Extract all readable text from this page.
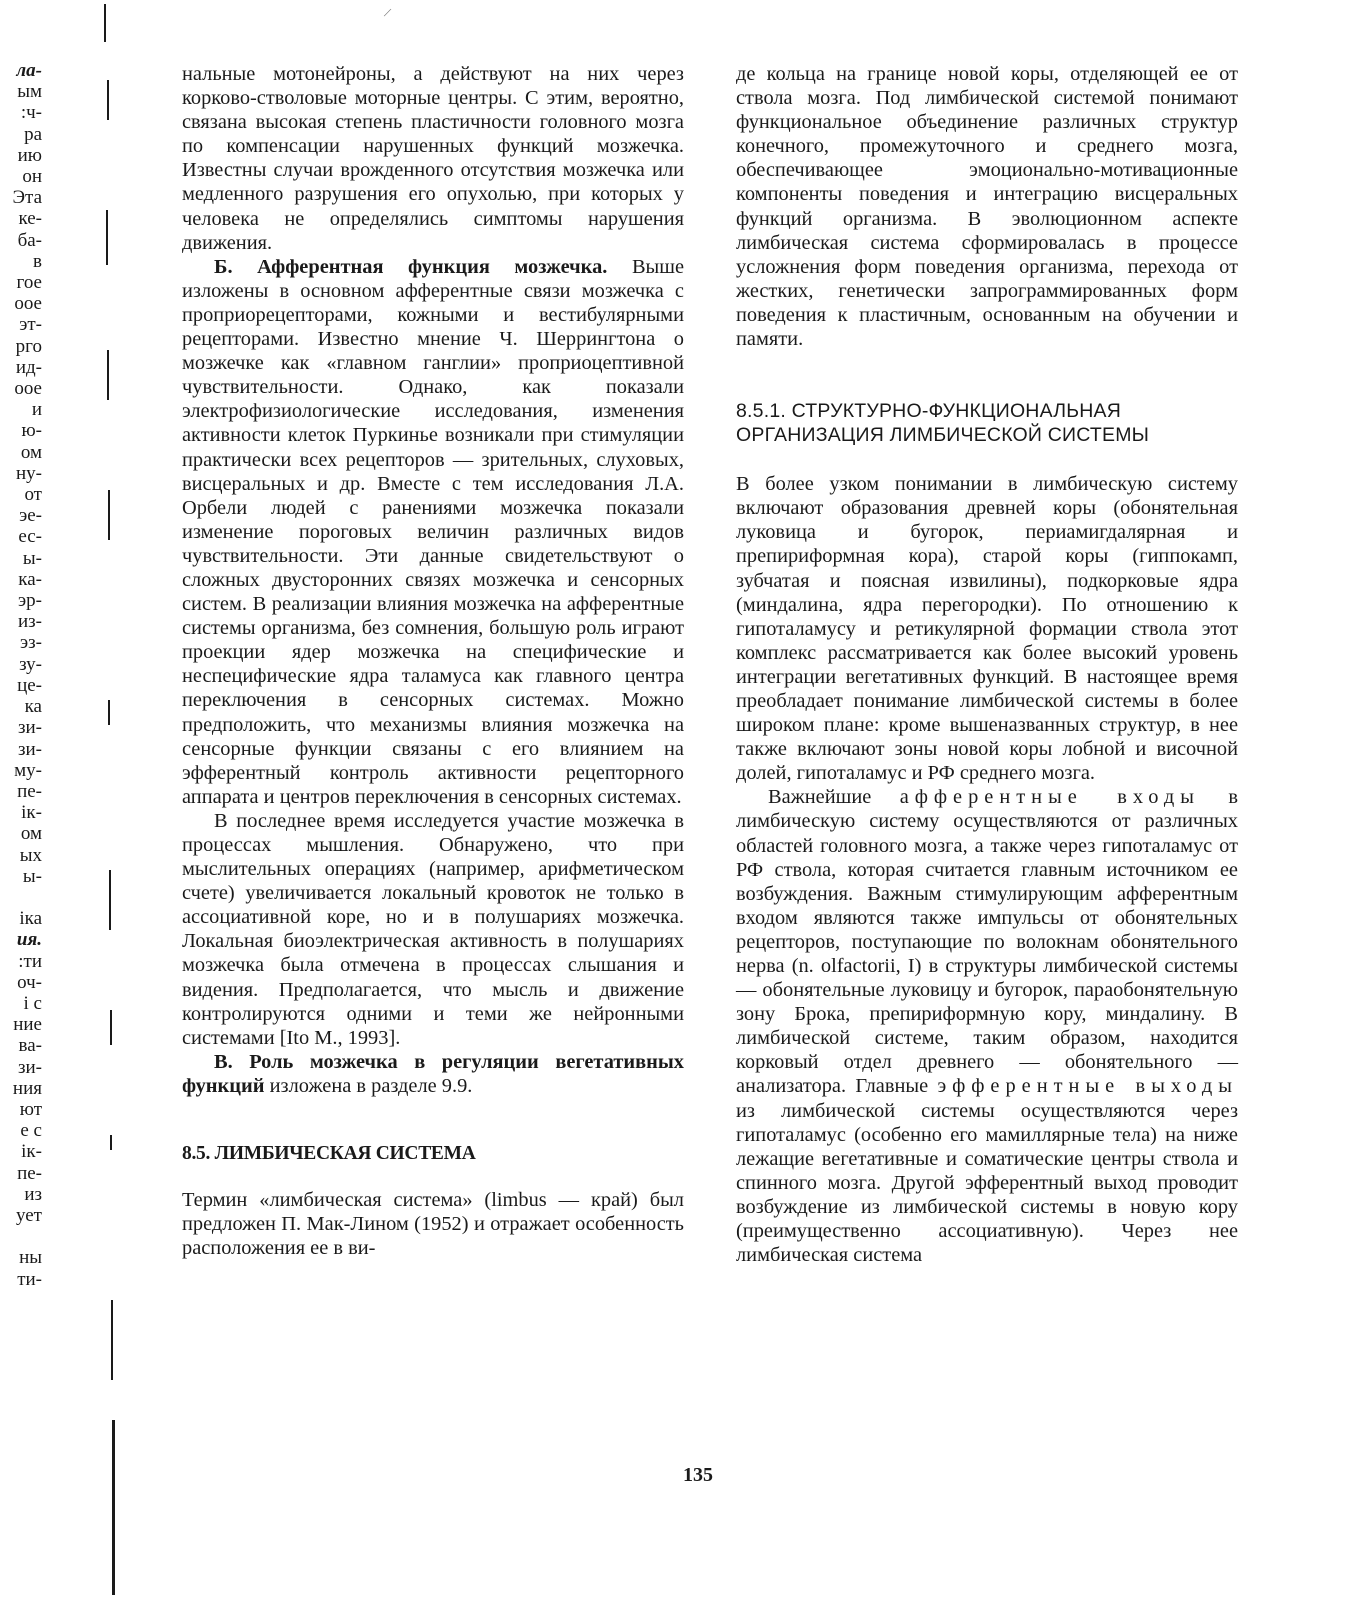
/
ла-
ым
:ч-
ра
ию
он
Эта
ке-
ба-
в
гое
оое
эт-
рго
ид-
оое
и
ю-
ом
ну-
от
эе-
ес-
ы-
ка-
эр-
из-
эз-
зу-
це-
ка
зи-
зи-
му-
пе-
ік-
ом
ых
ы-

іка
ия.
:ти
оч-
і с
ние
ва-
зи-
ния
ют
е с
ік-
пе-
из
ует

ны
ти-

нальные мотонейроны, а действуют на них через корково-стволовые моторные центры. С этим, вероятно, связана высокая степень пластичности головного мозга по компенсации нарушенных функций мозжечка. Известны случаи врожденного отсутствия мозжечка или медленного разрушения его опухолью, при которых у человека не определялись симптомы нарушения движения.

Б. Афферентная функция мозжечка. Выше изложены в основном афферентные связи мозжечка с проприорецепторами, кожными и вестибулярными рецепторами. Известно мнение Ч. Шеррингтона о мозжечке как «главном ганглии» проприоцептивной чувствительности. Однако, как показали электрофизиологические исследования, изменения активности клеток Пуркинье возникали при стимуляции практически всех рецепторов — зрительных, слуховых, висцеральных и др. Вместе с тем исследования Л.А. Орбели людей с ранениями мозжечка показали изменение пороговых величин различных видов чувствительности. Эти данные свидетельствуют о сложных двусторонних связях мозжечка и сенсорных систем. В реализации влияния мозжечка на афферентные системы организма, без сомнения, большую роль играют проекции ядер мозжечка на специфические и неспецифические ядра таламуса как главного центра переключения в сенсорных системах. Можно предположить, что механизмы влияния мозжечка на сенсорные функции связаны с его влиянием на эфферентный контроль активности рецепторного аппарата и центров переключения в сенсорных системах.

В последнее время исследуется участие мозжечка в процессах мышления. Обнаружено, что при мыслительных операциях (например, арифметическом счете) увеличивается локальный кровоток не только в ассоциативной коре, но и в полушариях мозжечка. Локальная биоэлектрическая активность в полушариях мозжечка была отмечена в процессах слышания и видения. Предполагается, что мысль и движение контролируются одними и теми же нейронными системами [Ito M., 1993].

В. Роль мозжечка в регуляции вегетативных функций изложена в разделе 9.9.

8.5. ЛИМБИЧЕСКАЯ СИСТЕМА

Термин «лимбическая система» (limbus — край) был предложен П. Мак-Лином (1952) и отражает особенность расположения ее в ви-

де кольца на границе новой коры, отделяющей ее от ствола мозга. Под лимбической системой понимают функциональное объединение различных структур конечного, промежуточного и среднего мозга, обеспечивающее эмоционально-мотивационные компоненты поведения и интеграцию висцеральных функций организма. В эволюционном аспекте лимбическая система сформировалась в процессе усложнения форм поведения организма, перехода от жестких, генетически запрограммированных форм поведения к пластичным, основанным на обучении и памяти.

8.5.1. СТРУКТУРНО-ФУНКЦИОНАЛЬНАЯ
ОРГАНИЗАЦИЯ ЛИМБИЧЕСКОЙ СИСТЕМЫ

В более узком понимании в лимбическую систему включают образования древней коры (обонятельная луковица и бугорок, периамигдалярная и препириформная кора), старой коры (гиппокамп, зубчатая и поясная извилины), подкорковые ядра (миндалина, ядра перегородки). По отношению к гипоталамусу и ретикулярной формации ствола этот комплекс рассматривается как более высокий уровень интеграции вегетативных функций. В настоящее время преобладает понимание лимбической системы в более широком плане: кроме вышеназванных структур, в нее также включают зоны новой коры лобной и височной долей, гипоталамус и РФ среднего мозга.

Важнейшие афферентные входы в лимбическую систему осуществляются от различных областей головного мозга, а также через гипоталамус от РФ ствола, которая считается главным источником ее возбуждения. Важным стимулирующим афферентным входом являются также импульсы от обонятельных рецепторов, поступающие по волокнам обонятельного нерва (n. olfactorii, I) в структуры лимбической системы — обонятельные луковицу и бугорок, параобонятельную зону Брока, препириформную кору, миндалину. В лимбической системе, таким образом, находится корковый отдел древнего — обонятельного — анализатора. Главные эфферентные выходы из лимбической системы осуществляются через гипоталамус (особенно его мамиллярные тела) на ниже лежащие вегетативные и соматические центры ствола и спинного мозга. Другой эфферентный выход проводит возбуждение из лимбической системы в новую кору (преимущественно ассоциативную). Через нее лимбическая система

135
